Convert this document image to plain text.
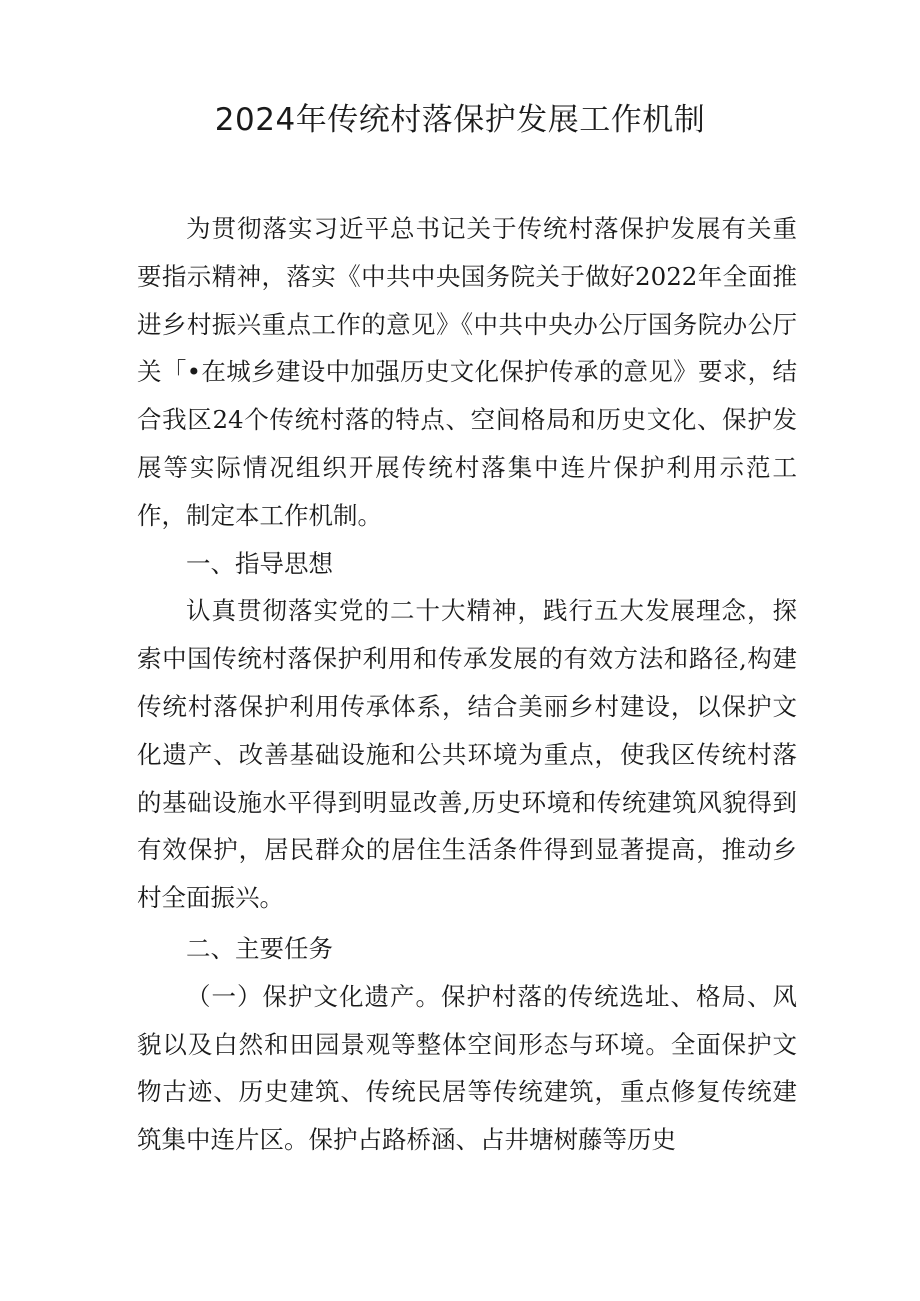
2024年传统村落保护发展工作机制

为贯彻落实习近平总书记关于传统村落保护发展有关重要指示精神，落实《中共中央国务院关于做好2022年全面推进乡村振兴重点工作的意见》《中共中央办公厅国务院办公厅关「•在城乡建设中加强历史文化保护传承的意见》要求，结合我区24个传统村落的特点、空间格局和历史文化、保护发展等实际情况组织开展传统村落集中连片保护利用示范工作，制定本工作机制。

一、指导思想

认真贯彻落实党的二十大精神，践行五大发展理念，探索中国传统村落保护利用和传承发展的有效方法和路径,构建传统村落保护利用传承体系，结合美丽乡村建设，以保护文化遗产、改善基础设施和公共环境为重点，使我区传统村落的基础设施水平得到明显改善,历史环境和传统建筑风貌得到有效保护，居民群众的居住生活条件得到显著提高，推动乡村全面振兴。

二、主要任务

（一）保护文化遗产。保护村落的传统选址、格局、风貌以及白然和田园景观等整体空间形态与环境。全面保护文物古迹、历史建筑、传统民居等传统建筑，重点修复传统建筑集中连片区。保护占路桥涵、占井塘树藤等历史
